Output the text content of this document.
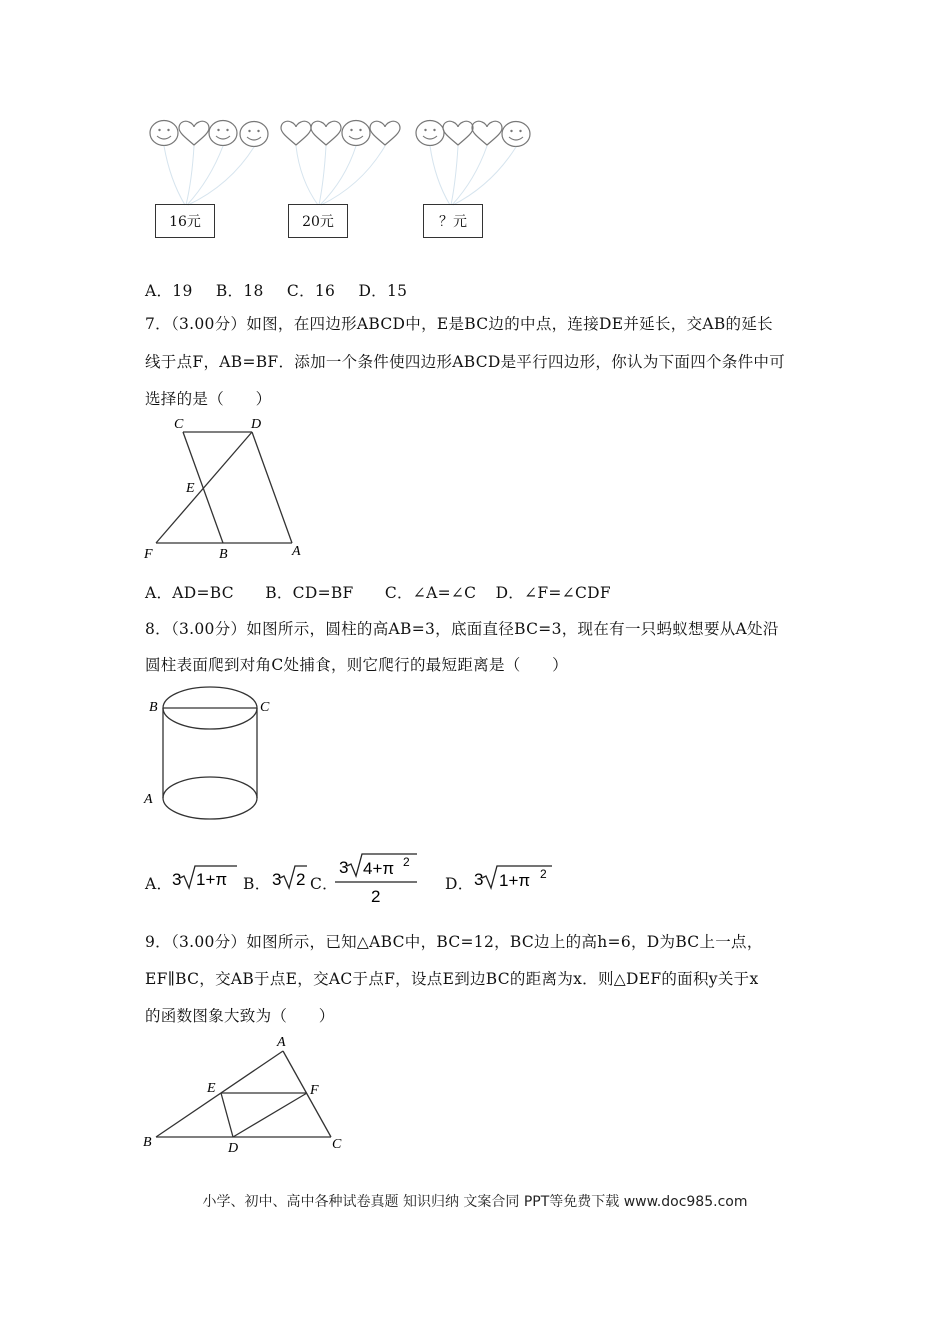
16元	20元	？元
A．19 B．18 C．16 D．15
7．（3.00分）如图，在四边形ABCD中，E是BC边的中点，连接DE并延长，交AB的延长
线于点F，AB=BF．添加一个条件使四边形ABCD是平行四边形，你认为下面四个条件中可
选择的是（　　）
C	D
E
F	B	A
A．AD=BC B．CD=BF C．∠A=∠C D．∠F=∠CDF
8．（3.00分）如图所示，圆柱的高AB=3，底面直径BC=3，现在有一只蚂蚁想要从A处沿
圆柱表面爬到对角C处捕食，则它爬行的最短距离是（　　）
B	C
A
A． 3 1+π B． 3 2 C．
3 4+π 2
2
D． 3 1+π 2
9．（3.00分）如图所示，已知△ABC中，BC=12，BC边上的高h=6，D为BC上一点，
EF∥BC，交AB于点E，交AC于点F，设点E到边BC的距离为x．则△DEF的面积y关于x
的函数图象大致为（　　）
A
E	F
B	D	C
小学、初中、高中各种试卷真题 知识归纳 文案合同 PPT等免费下载 www.doc985.com
